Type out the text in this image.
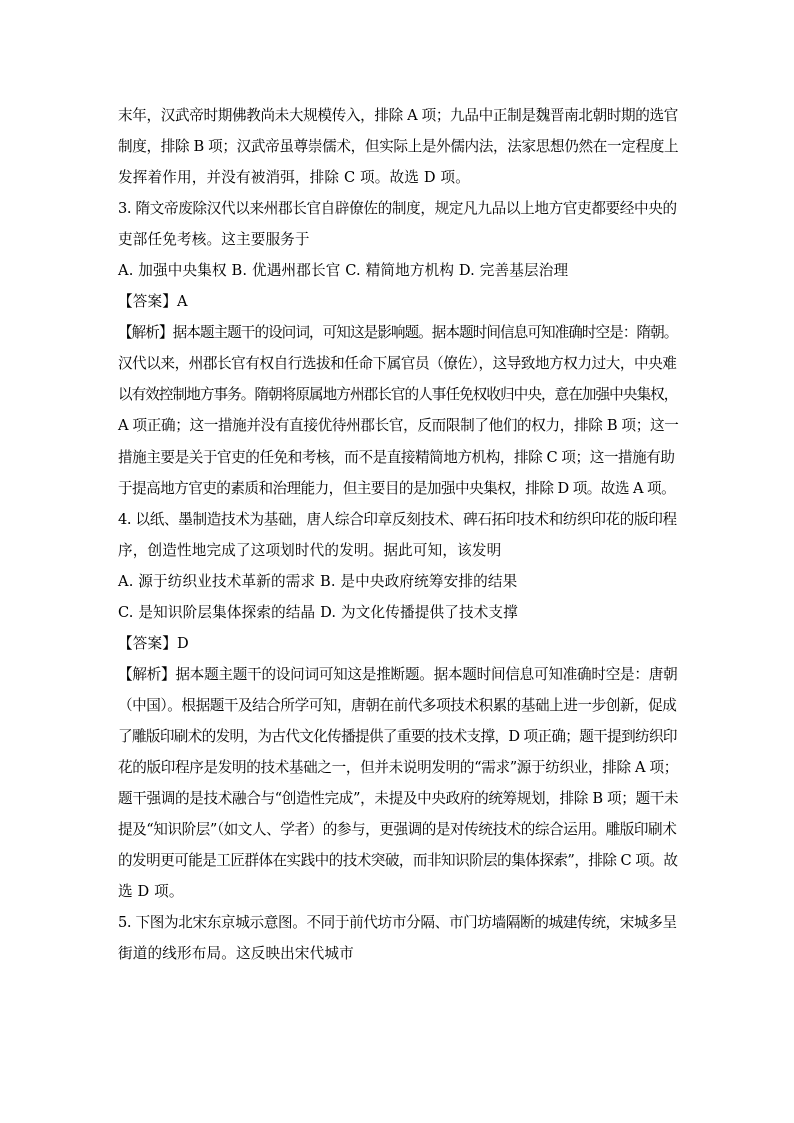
末年，汉武帝时期佛教尚未大规模传入，排除 A 项；九品中正制是魏晋南北朝时期的选官
制度，排除 B 项；汉武帝虽尊崇儒术，但实际上是外儒内法，法家思想仍然在一定程度上
发挥着作用，并没有被消弭，排除 C 项。故选 D 项。
3. 隋文帝废除汉代以来州郡长官自辟僚佐的制度，规定凡九品以上地方官吏都要经中央的
吏部任免考核。这主要服务于
A. 加强中央集权 B. 优遇州郡长官 C. 精简地方机构 D. 完善基层治理
【答案】A
【解析】据本题主题干的设问词，可知这是影响题。据本题时间信息可知准确时空是：隋朝。
汉代以来，州郡长官有权自行选拔和任命下属官员（僚佐），这导致地方权力过大，中央难
以有效控制地方事务。隋朝将原属地方州郡长官的人事任免权收归中央，意在加强中央集权，
A 项正确；这一措施并没有直接优待州郡长官，反而限制了他们的权力，排除 B 项；这一
措施主要是关于官吏的任免和考核，而不是直接精简地方机构，排除 C 项；这一措施有助
于提高地方官吏的素质和治理能力，但主要目的是加强中央集权，排除 D 项。故选 A 项。
4. 以纸、墨制造技术为基础，唐人综合印章反刻技术、碑石拓印技术和纺织印花的版印程
序，创造性地完成了这项划时代的发明。据此可知，该发明
A. 源于纺织业技术革新的需求 B. 是中央政府统筹安排的结果
C. 是知识阶层集体探索的结晶 D. 为文化传播提供了技术支撑
【答案】D
【解析】据本题主题干的设问词可知这是推断题。据本题时间信息可知准确时空是：唐朝
（中国）。根据题干及结合所学可知，唐朝在前代多项技术积累的基础上进一步创新，促成
了雕版印刷术的发明，为古代文化传播提供了重要的技术支撑，D 项正确；题干提到纺织印
花的版印程序是发明的技术基础之一，但并未说明发明的“需求”源于纺织业，排除 A 项；
题干强调的是技术融合与“创造性完成”，未提及中央政府的统筹规划，排除 B 项；题干未
提及“知识阶层”（如文人、学者）的参与，更强调的是对传统技术的综合运用。雕版印刷术
的发明更可能是工匠群体在实践中的技术突破，而非知识阶层的集体探索”，排除 C 项。故
选 D 项。
5. 下图为北宋东京城示意图。不同于前代坊市分隔、市门坊墙隔断的城建传统，宋城多呈
街道的线形布局。这反映出宋代城市
